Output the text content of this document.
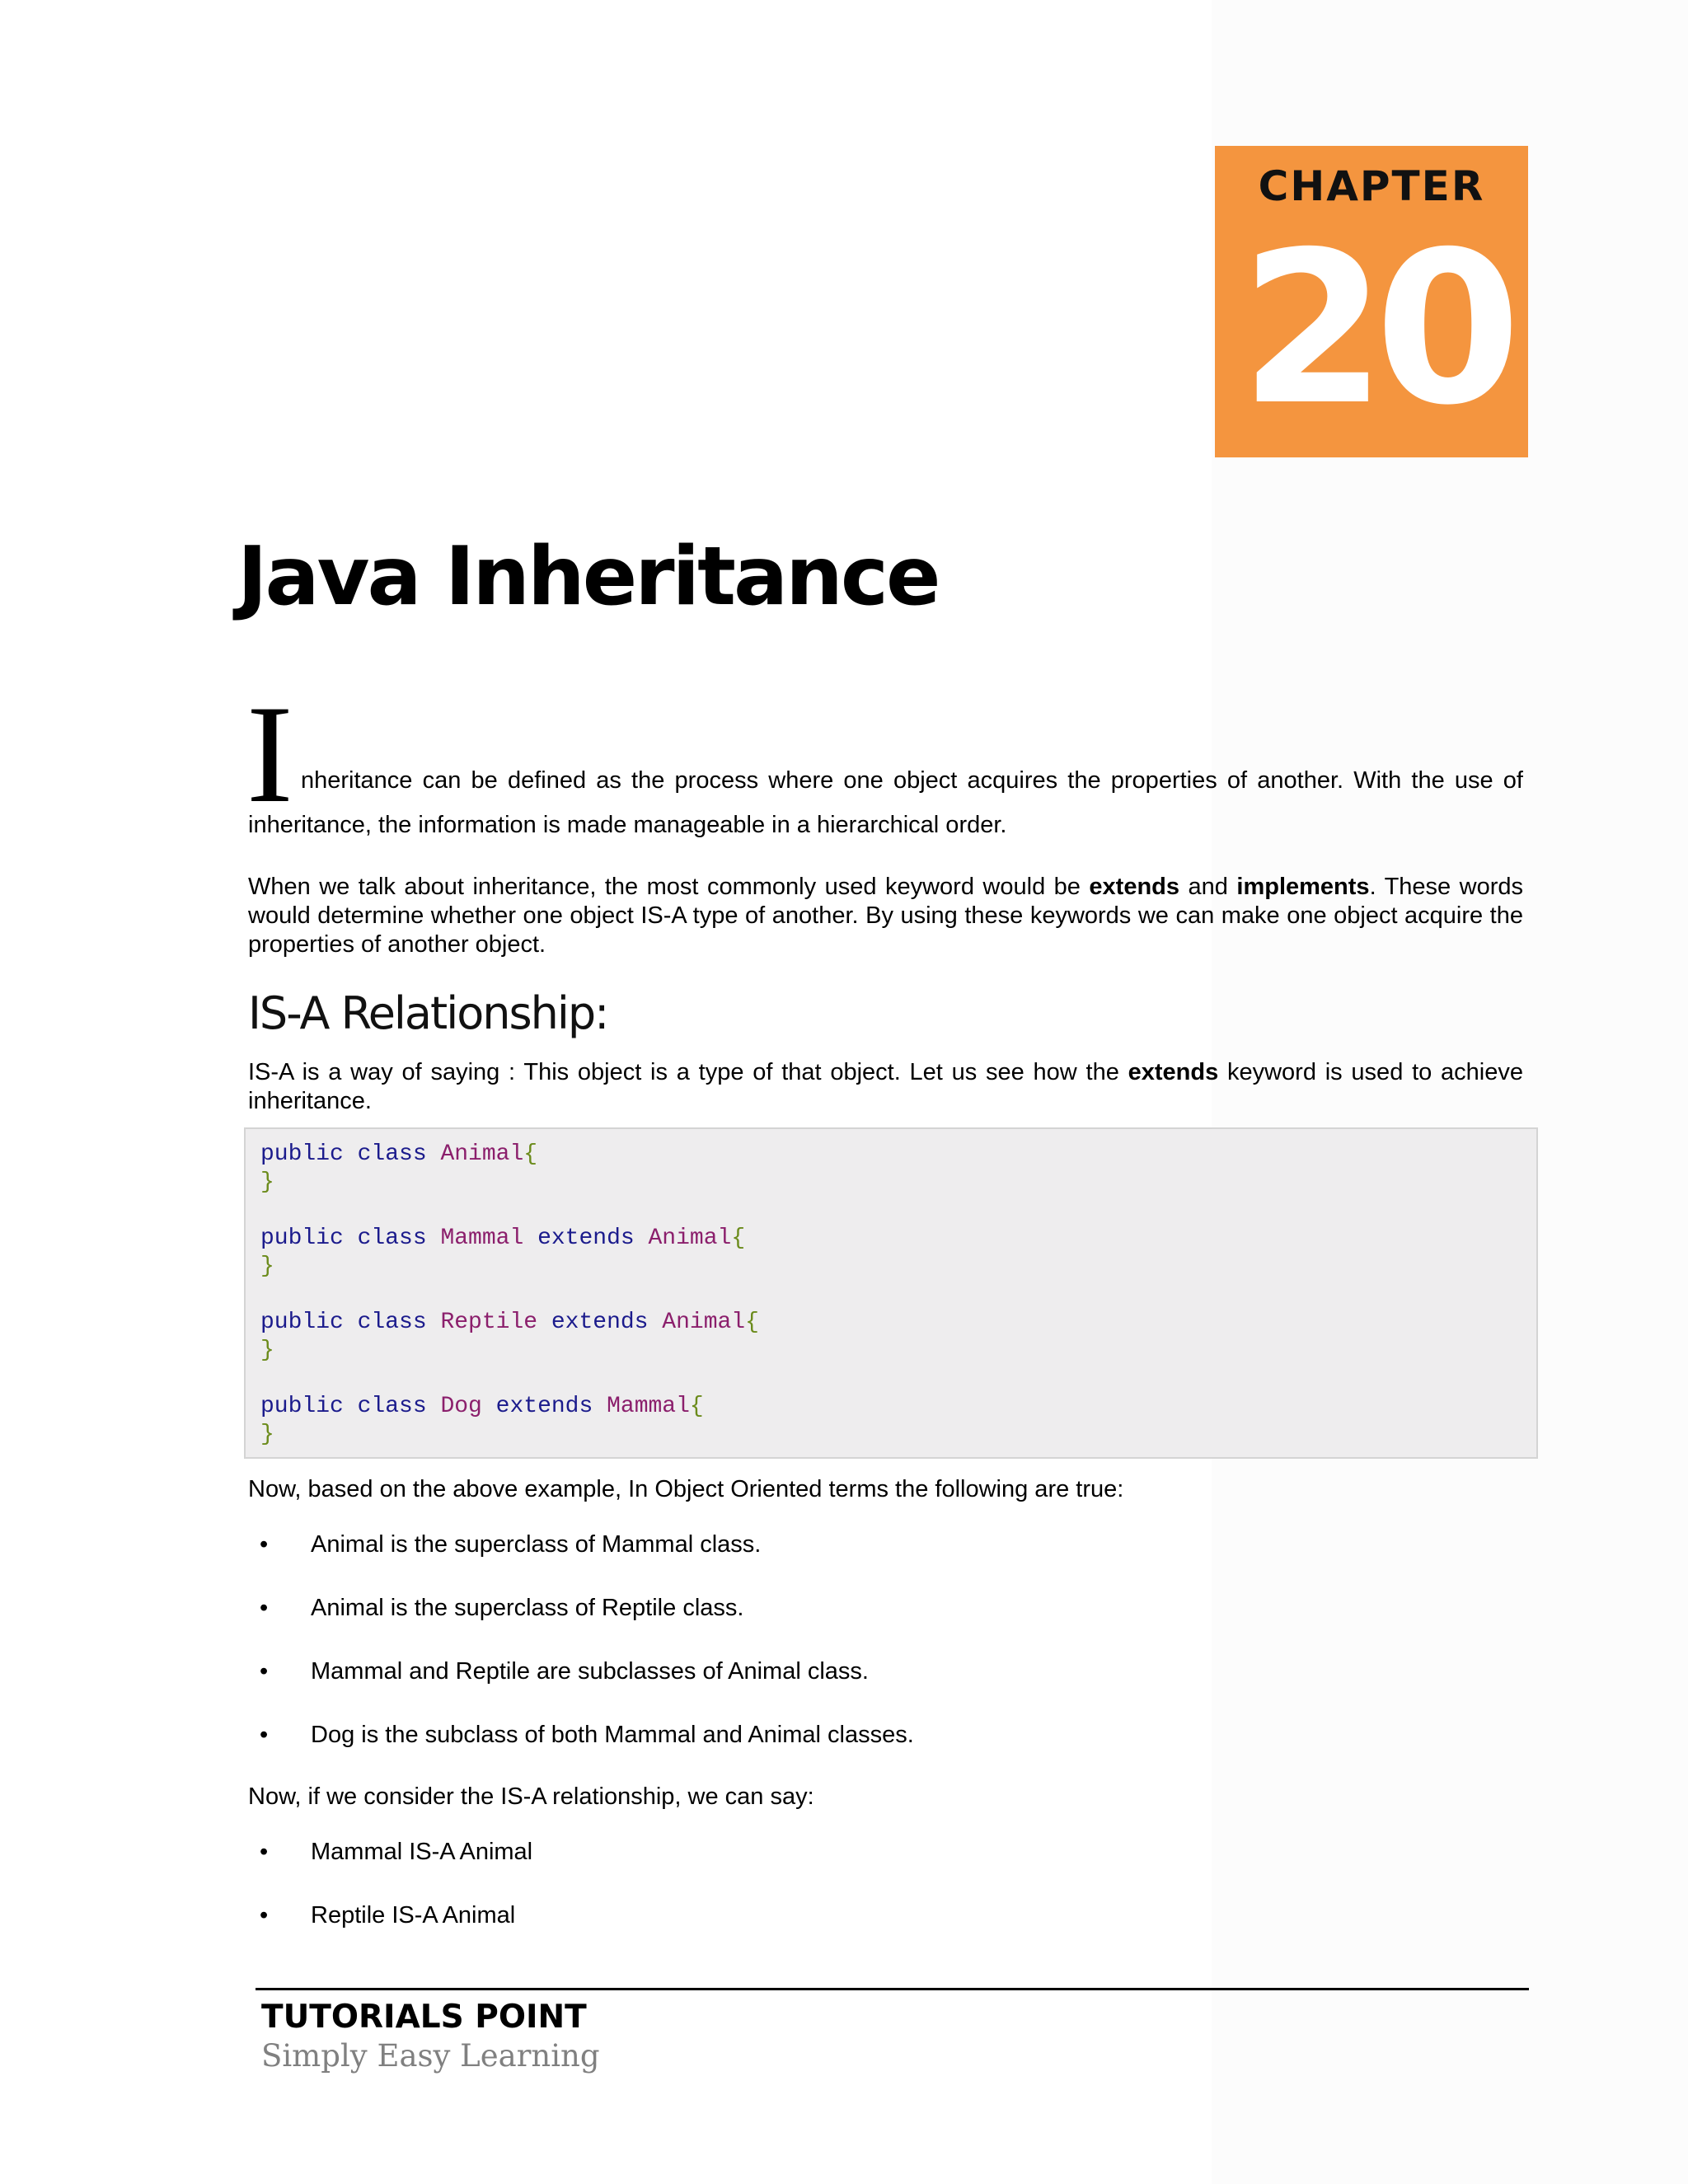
CHAPTER
20
Java Inheritance
I nheritance can be defined as the process where one object acquires the properties of another. With the use of

inheritance, the information is made manageable in a hierarchical order.

When we talk about inheritance, the most commonly used keyword would be extends and implements. These words would determine whether one object IS-A type of another. By using these keywords we can make one object acquire the properties of another object.

IS-A Relationship:

IS-A is a way of saying : This object is a type of that object. Let us see how the extends keyword is used to achieve inheritance.

public class Animal{
}
public class Mammal extends Animal{
}
public class Reptile extends Animal{
}
public class Dog extends Mammal{
}

Now, based on the above example, In Object Oriented terms the following are true:

• Animal is the superclass of Mammal class.
• Animal is the superclass of Reptile class.
• Mammal and Reptile are subclasses of Animal class.
• Dog is the subclass of both Mammal and Animal classes.

Now, if we consider the IS-A relationship, we can say:

• Mammal IS-A Animal
• Reptile IS-A Animal
TUTORIALS POINT
Simply Easy Learning
